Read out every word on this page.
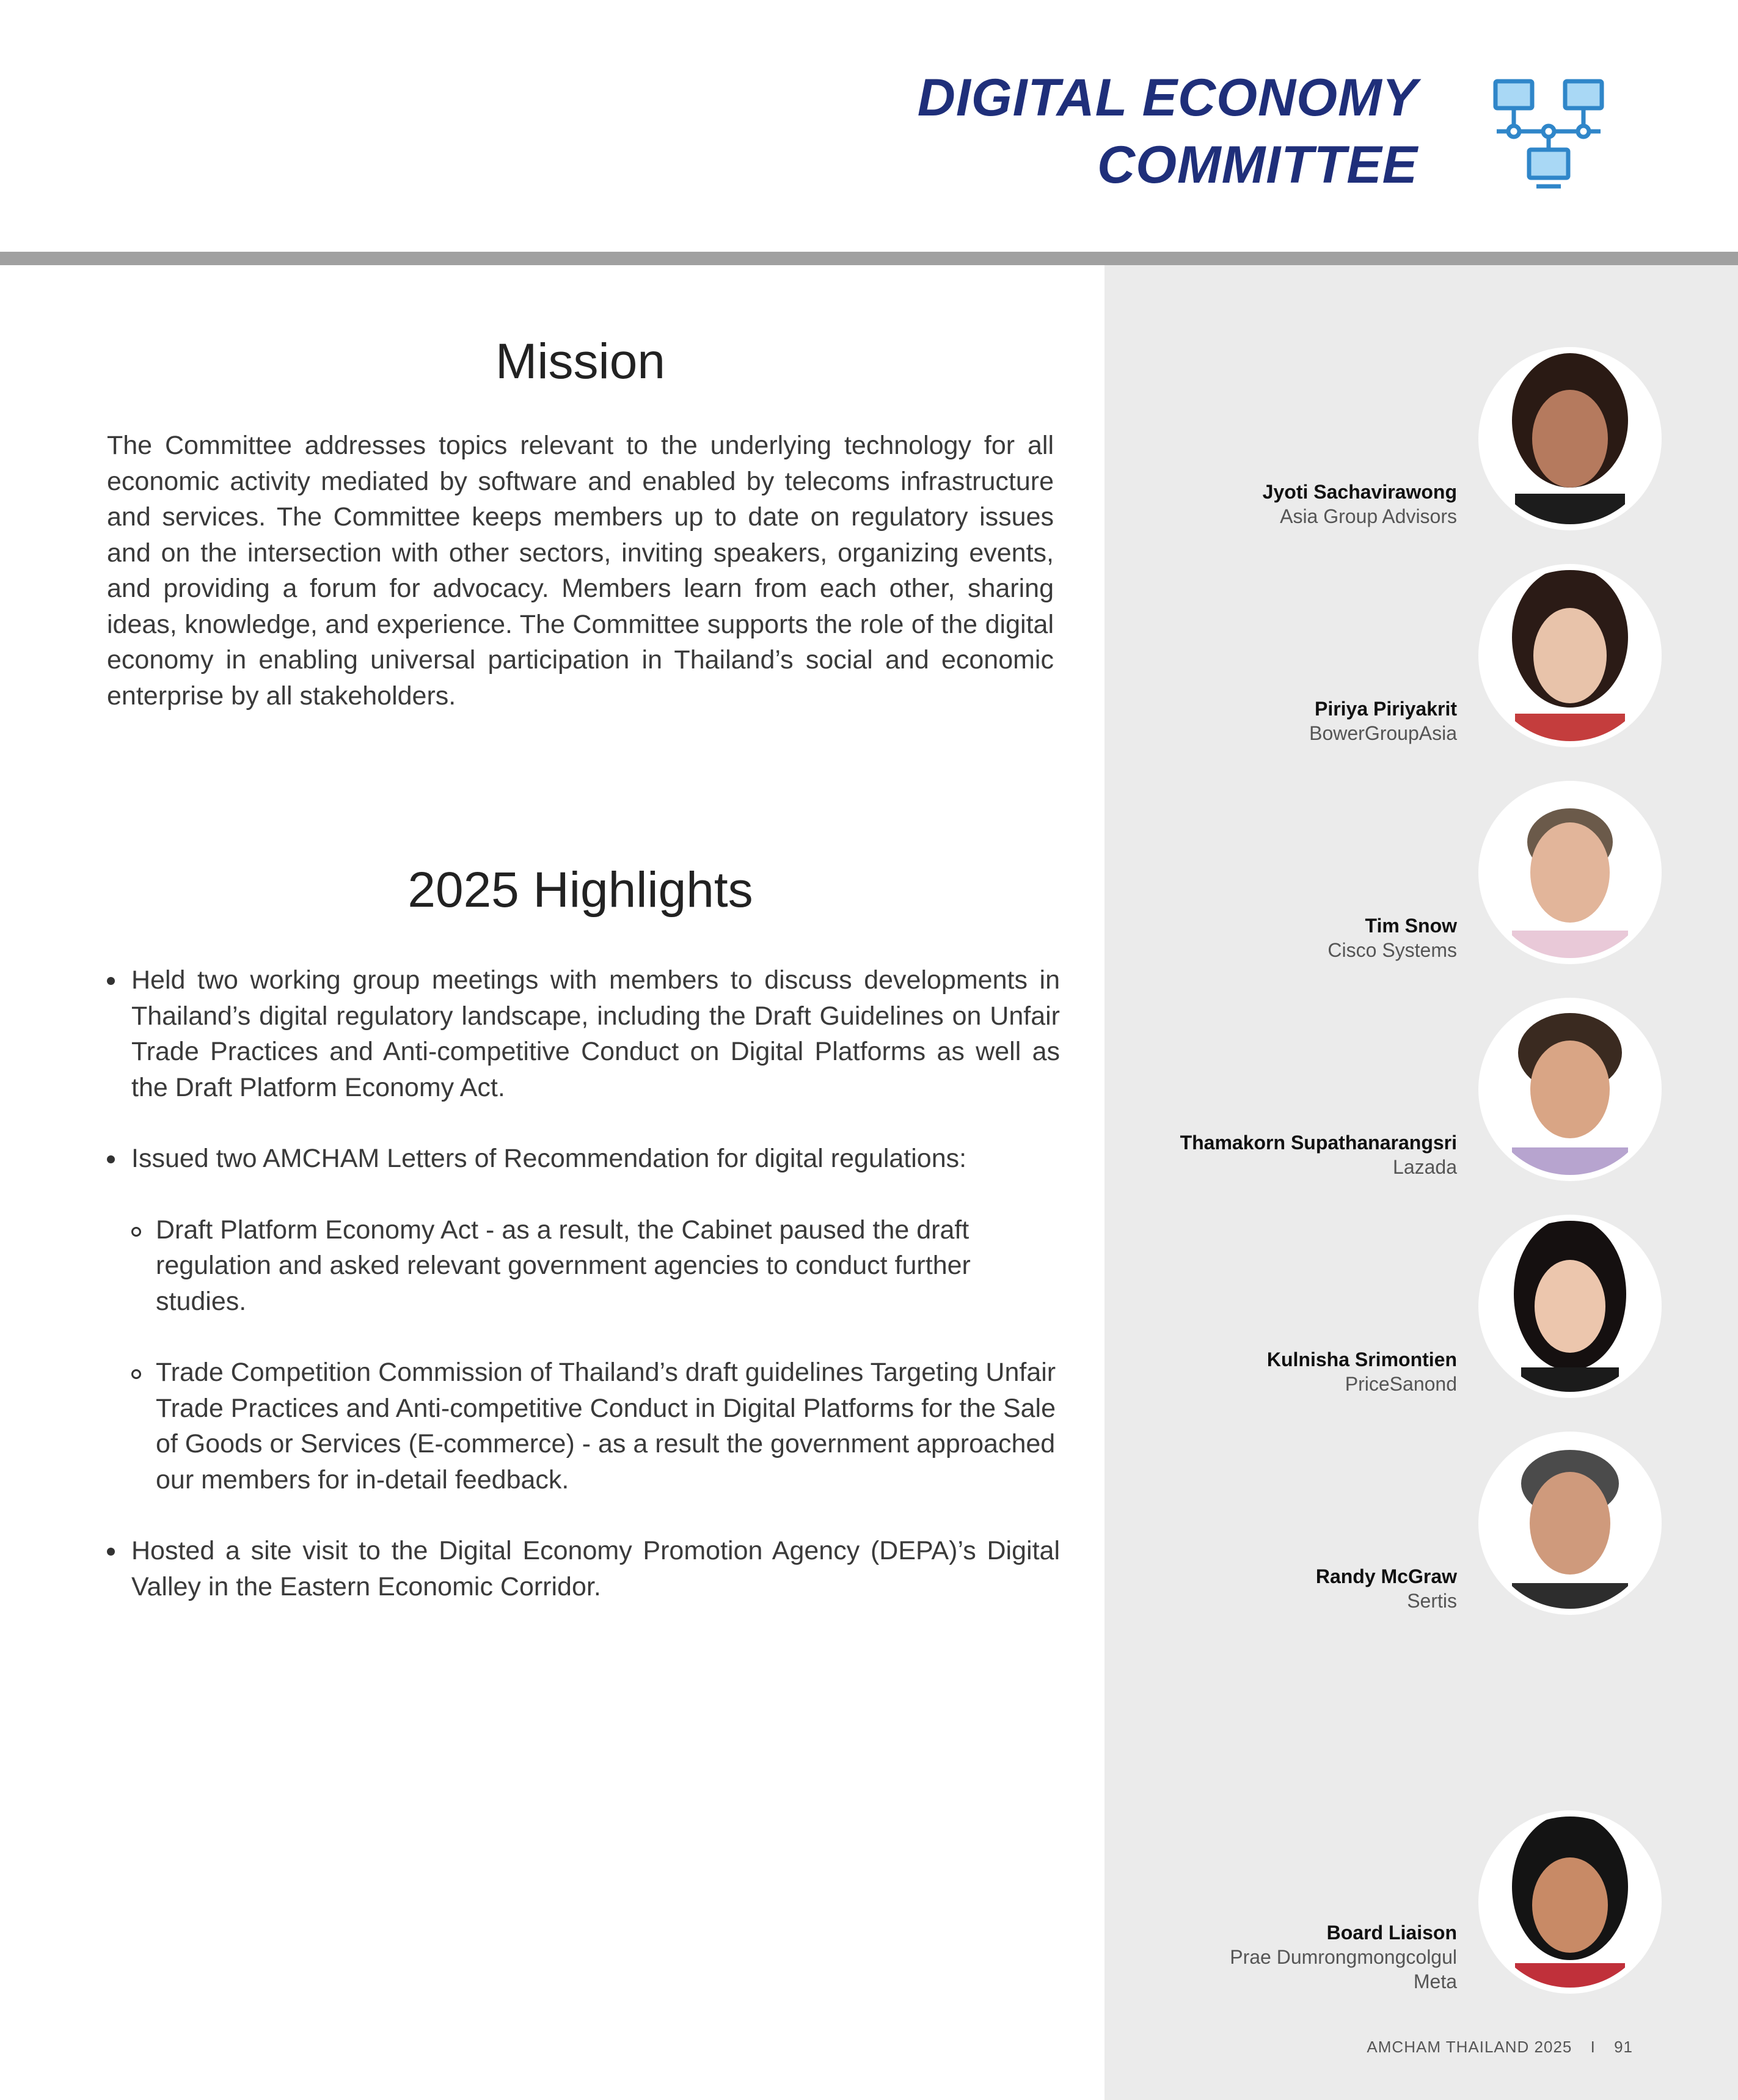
DIGITAL ECONOMY
COMMITTEE
Mission
The Committee addresses topics relevant to the underlying technology for all economic activity mediated by software and enabled by telecoms infrastructure and services. The Committee keeps members up to date on regulatory issues and on the intersection with other sectors, inviting speakers, organizing events, and providing a forum for advocacy. Members learn from each other, sharing ideas, knowledge, and experience. The Committee supports the role of the digital economy in enabling universal participation in Thailand’s social and economic enterprise by all stakeholders.
2025 Highlights
Held two working group meetings with members to discuss developments in Thailand’s digital regulatory landscape, including the Draft Guidelines on Unfair Trade Practices and Anti-competitive Conduct on Digital Platforms as well as the Draft Platform Economy Act.
Issued two AMCHAM Letters of Recommendation for digital regulations:
Draft Platform Economy Act - as a result, the Cabinet paused the draft regulation and asked relevant government agencies to conduct further studies.
Trade Competition Commission of Thailand’s draft guidelines Targeting Unfair Trade Practices and Anti-competitive Conduct in Digital Platforms for the Sale of Goods or Services (E-commerce) - as a result the government approached our members for in-detail feedback.
Hosted a site visit to the Digital Economy Promotion Agency (DEPA)’s Digital Valley in the Eastern Economic Corridor.
Jyoti Sachavirawong
Asia Group Advisors
Piriya Piriyakrit
BowerGroupAsia
Tim Snow
Cisco Systems
Thamakorn Supathanarangsri
Lazada
Kulnisha Srimontien
PriceSanond
Randy McGraw
Sertis
Board Liaison
Prae Dumrongmongcolgul
Meta
AMCHAM THAILAND 2025 I 91
